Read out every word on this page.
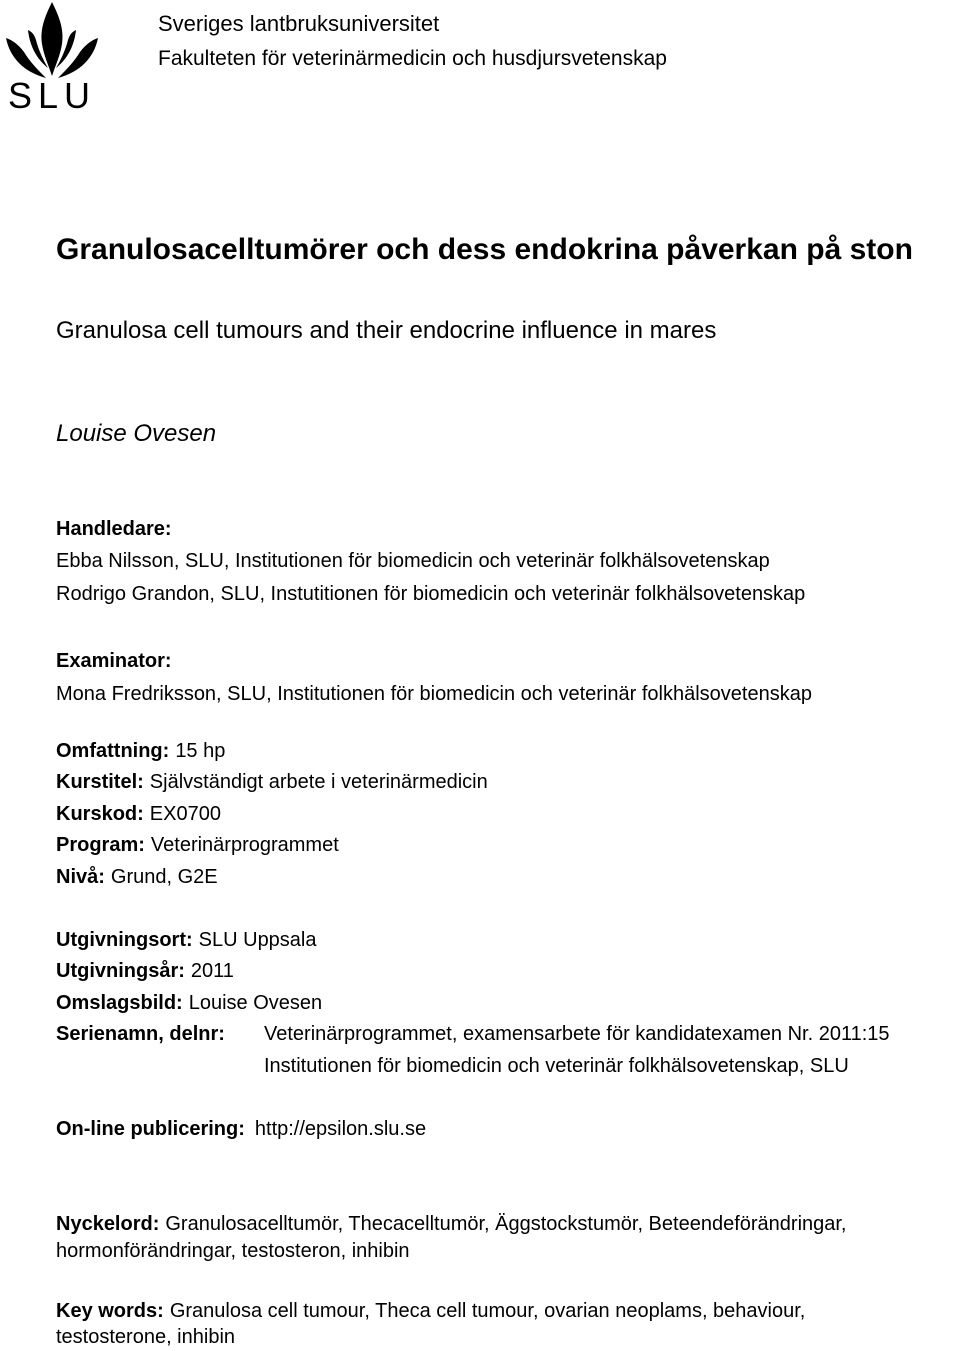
SLU
Sveriges lantbruksuniversitet
Fakulteten för veterinärmedicin och husdjursvetenskap
Granulosacelltumörer och dess endokrina påverkan på ston
Granulosa cell tumours and their endocrine influence in mares
Louise Ovesen
Handledare:
Ebba Nilsson, SLU, Institutionen för biomedicin och veterinär folkhälsovetenskap
Rodrigo Grandon, SLU, Instutitionen för biomedicin och veterinär folkhälsovetenskap
Examinator:
Mona Fredriksson, SLU, Institutionen för biomedicin och veterinär folkhälsovetenskap
Omfattning: 15 hp
Kurstitel: Självständigt arbete i veterinärmedicin
Kurskod: EX0700
Program: Veterinärprogrammet
Nivå: Grund, G2E
Utgivningsort: SLU Uppsala
Utgivningsår: 2011
Omslagsbild: Louise Ovesen
Serienamn, delnr: Veterinärprogrammet, examensarbete för kandidatexamen Nr. 2011:15
Institutionen för biomedicin och veterinär folkhälsovetenskap, SLU
On-line publicering: http://epsilon.slu.se
Nyckelord: Granulosacelltumör, Thecacelltumör, Äggstockstumör, Beteendeförändringar,
hormonförändringar, testosteron, inhibin
Key words: Granulosa cell tumour, Theca cell tumour, ovarian neoplams, behaviour,
testosterone, inhibin
